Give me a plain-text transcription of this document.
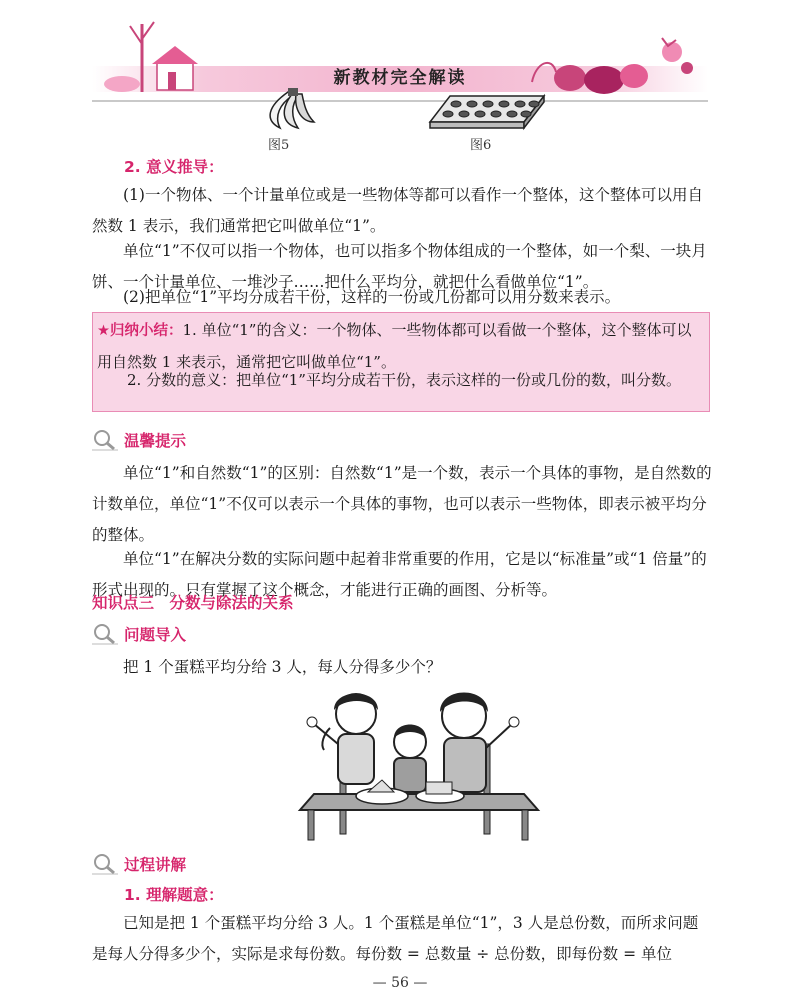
新教材完全解读
图5	图6
2. 意义推导：

(1)一个物体、一个计量单位或是一些物体等都可以看作一个整体，这个整体可以用自然数 1 表示，我们通常把它叫做单位“1”。

单位“1”不仅可以指一个物体，也可以指多个物体组成的一个整体，如一个梨、一块月饼、一个计量单位、一堆沙子……把什么平均分，就把什么看做单位“1”。

(2)把单位“1”平均分成若干份，这样的一份或几份都可以用分数来表示。

★归纳小结：1. 单位“1”的含义：一个物体、一些物体都可以看做一个整体，这个整体可以用自然数 1 来表示，通常把它叫做单位“1”。

2. 分数的意义：把单位“1”平均分成若干份，表示这样的一份或几份的数，叫分数。

温馨提示

单位“1”和自然数“1”的区别：自然数“1”是一个数，表示一个具体的事物，是自然数的计数单位，单位“1”不仅可以表示一个具体的事物，也可以表示一些物体，即表示被平均分的整体。

单位“1”在解决分数的实际问题中起着非常重要的作用，它是以“标准量”或“1 倍量”的形式出现的。只有掌握了这个概念，才能进行正确的画图、分析等。

知识点三　分数与除法的关系
问题导入

把 1 个蛋糕平均分给 3 人，每人分得多少个？

过程讲解
1. 理解题意：

已知是把 1 个蛋糕平均分给 3 人。1 个蛋糕是单位“1”，3 人是总份数，而所求问题是每人分得多少个，实际是求每份数。每份数 = 总数量 ÷ 总份数，即每份数 = 单位

— 56 —
